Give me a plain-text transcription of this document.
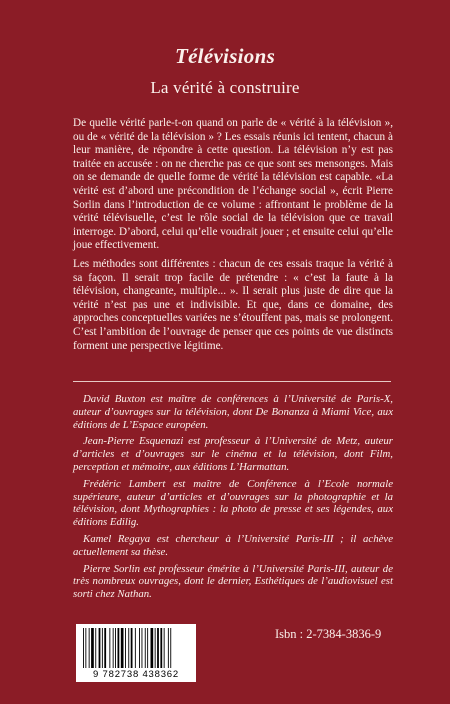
Télévisions
La vérité à construire

De quelle vérité parle-t-on quand on parle de « vérité à la télévision », ou de « vérité de la télévision » ? Les essais réunis ici tentent, chacun à leur manière, de répondre à cette question. La télévision n’y est pas traitée en accusée : on ne cherche pas ce que sont ses mensonges. Mais on se demande de quelle forme de vérité la télévision est capable. «La vérité est d’abord une précondition de l’échange social », écrit Pierre Sorlin dans l’introduction de ce volume : affrontant le problème de la vérité télévisuelle, c’est le rôle social de la télévision que ce travail interroge. D’abord, celui qu’elle voudrait jouer ; et ensuite celui qu’elle joue effectivement.

Les méthodes sont différentes : chacun de ces essais traque la vérité à sa façon. Il serait trop facile de prétendre : « c’est la faute à la télévision, changeante, multiple... ». Il serait plus juste de dire que la vérité n’est pas une et indivisible. Et que, dans ce domaine, des approches conceptuelles variées ne s’étouffent pas, mais se prolongent. C’est l’ambition de l’ouvrage de penser que ces points de vue distincts forment une perspective légitime.

David Buxton est maître de conférences à l’Université de Paris-X, auteur d’ouvrages sur la télévision, dont De Bonanza à Miami Vice, aux éditions de L’Espace européen.

Jean-Pierre Esquenazi est professeur à l’Université de Metz, auteur d’articles et d’ouvrages sur le cinéma et la télévision, dont Film, perception et mémoire, aux éditions L’Harmattan.

Frédéric Lambert est maître de Conférence à l’Ecole normale supérieure, auteur d’articles et d’ouvrages sur la photographie et la télévision, dont Mythographies : la photo de presse et ses légendes, aux éditions Edilig.

Kamel Regaya est chercheur à l’Université Paris-III ; il achève actuellement sa thèse.

Pierre Sorlin est professeur émérite à l’Université Paris-III, auteur de très nombreux ouvrages, dont le dernier, Esthétiques de l’audiovisuel est sorti chez Nathan.

9 782738 438362
Isbn : 2-7384-3836-9
